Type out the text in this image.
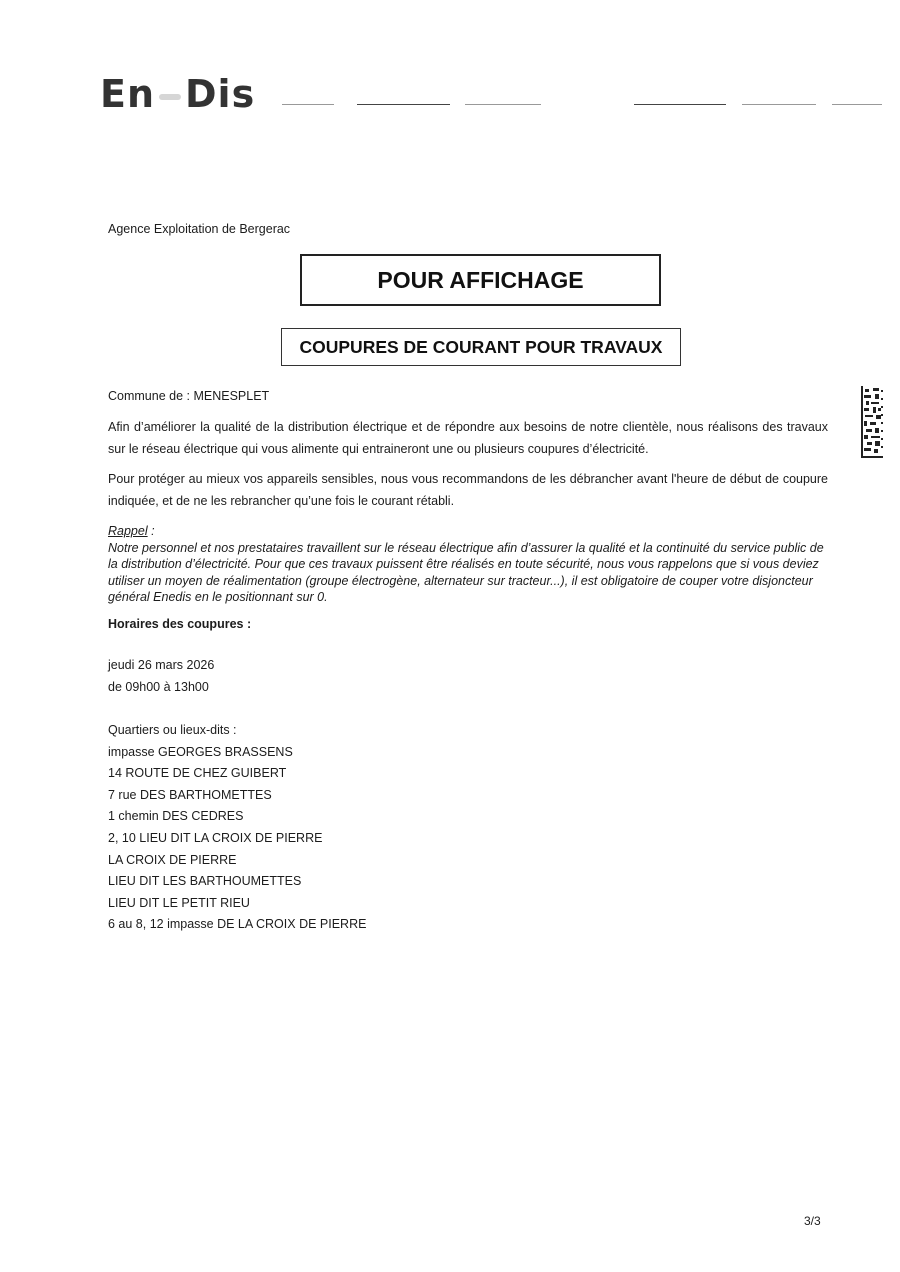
En Dis
Agence Exploitation de Bergerac
POUR AFFICHAGE
COUPURES DE COURANT POUR TRAVAUX
Commune de : MENESPLET
Afin d’améliorer la qualité de la distribution électrique et de répondre aux besoins de notre clientèle, nous réalisons des travaux sur le réseau électrique qui vous alimente qui entraineront une ou plusieurs coupures d’électricité.
Pour protéger au mieux vos appareils sensibles, nous vous recommandons de les débrancher avant l'heure de début de coupure indiquée, et de ne les rebrancher qu’une fois le courant rétabli.
Rappel :
Notre personnel et nos prestataires travaillent sur le réseau électrique afin d’assurer la qualité et la continuité du service public de la distribution d’électricité. Pour que ces travaux puissent être réalisés en toute sécurité, nous vous rappelons que si vous deviez utiliser un moyen de réalimentation (groupe électrogène, alternateur sur tracteur...), il est obligatoire de couper votre disjoncteur général Enedis en le positionnant sur 0.
Horaires des coupures :
jeudi 26 mars 2026
de 09h00 à 13h00
Quartiers ou lieux-dits :
impasse GEORGES BRASSENS
14 ROUTE DE CHEZ GUIBERT
7 rue DES BARTHOMETTES
1 chemin DES CEDRES
2, 10 LIEU DIT LA CROIX DE PIERRE
LA CROIX DE PIERRE
LIEU DIT LES BARTHOUMETTES
LIEU DIT LE PETIT RIEU
6 au 8, 12 impasse DE LA CROIX DE PIERRE
3/3
